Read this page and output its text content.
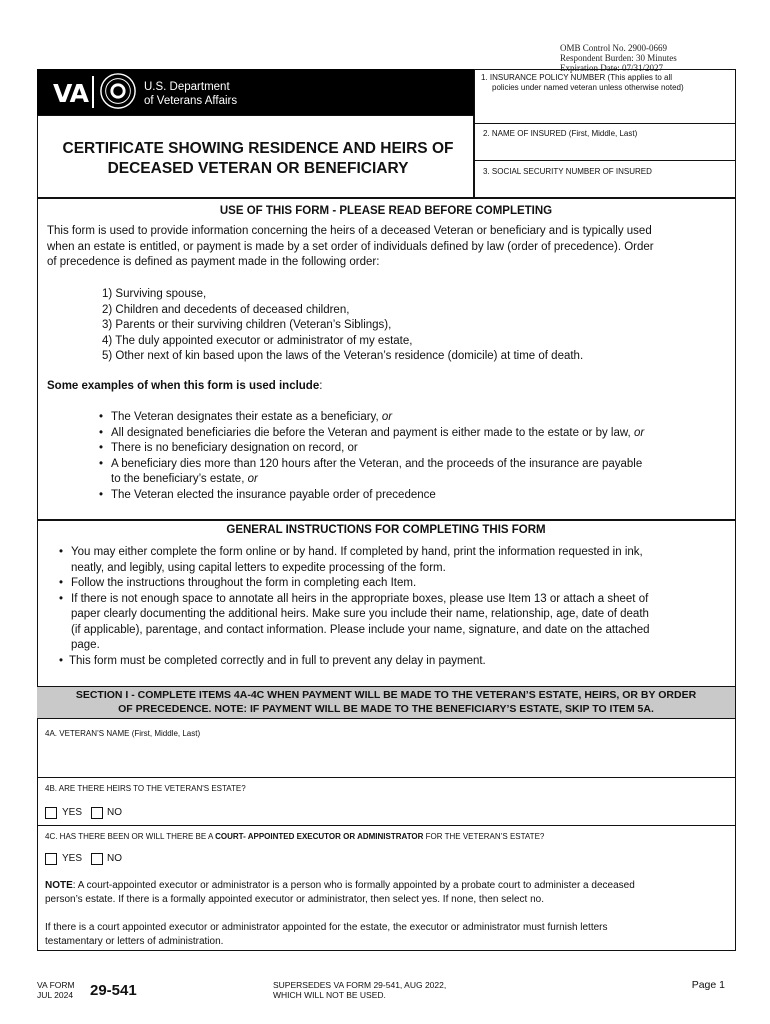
OMB Control No. 2900-0669
Respondent Burden: 30 Minutes
Expiration Date: 07/31/2027
VA	U.S. Department
of Veterans Affairs
CERTIFICATE SHOWING RESIDENCE AND HEIRS OF
DECEASED VETERAN OR BENEFICIARY
1. INSURANCE POLICY NUMBER (This applies to all
policies under named veteran unless otherwise noted)
2. NAME OF INSURED (First, Middle, Last)
3. SOCIAL SECURITY NUMBER OF INSURED
USE OF THIS FORM - PLEASE READ BEFORE COMPLETING
This form is used to provide information concerning the heirs of a deceased Veteran or beneficiary and is typically used
when an estate is entitled, or payment is made by a set order of individuals defined by law (order of precedence). Order
of precedence is defined as payment made in the following order:
1) Surviving spouse,
2) Children and decedents of deceased children,
3) Parents or their surviving children (Veteran’s Siblings),
4) The duly appointed executor or administrator of my estate,
5) Other next of kin based upon the laws of the Veteran’s residence (domicile) at time of death.
Some examples of when this form is used include:
• The Veteran designates their estate as a beneficiary, or
• All designated beneficiaries die before the Veteran and payment is either made to the estate or by law, or
• There is no beneficiary designation on record, or
• A beneficiary dies more than 120 hours after the Veteran, and the proceeds of the insurance are payable
to the beneficiary’s estate, or
• The Veteran elected the insurance payable order of precedence
GENERAL INSTRUCTIONS FOR COMPLETING THIS FORM
• You may either complete the form online or by hand. If completed by hand, print the information requested in ink,
neatly, and legibly, using capital letters to expedite processing of the form.
• Follow the instructions throughout the form in completing each Item.
• If there is not enough space to annotate all heirs in the appropriate boxes, please use Item 13 or attach a sheet of
paper clearly documenting the additional heirs. Make sure you include their name, relationship, age, date of death
(if applicable), parentage, and contact information. Please include your name, signature, and date on the attached
page.
• This form must be completed correctly and in full to prevent any delay in payment.
SECTION I - COMPLETE ITEMS 4A-4C WHEN PAYMENT WILL BE MADE TO THE VETERAN’S ESTATE, HEIRS, OR BY ORDER
OF PRECEDENCE. NOTE: IF PAYMENT WILL BE MADE TO THE BENEFICIARY’S ESTATE, SKIP TO ITEM 5A.
4A. VETERAN’S NAME (First, Middle, Last)
4B. ARE THERE HEIRS TO THE VETERAN'S ESTATE?
YES NO
4C. HAS THERE BEEN OR WILL THERE BE A COURT- APPOINTED EXECUTOR OR ADMINISTRATOR FOR THE VETERAN’S ESTATE?
YES NO
NOTE: A court-appointed executor or administrator is a person who is formally appointed by a probate court to administer a deceased
person’s estate. If there is a formally appointed executor or administrator, then select yes. If none, then select no.
If there is a court appointed executor or administrator appointed for the estate, the executor or administrator must furnish letters
testamentary or letters of administration.
VA FORM
JUL 2024 29-541	SUPERSEDES VA FORM 29-541, AUG 2022,
WHICH WILL NOT BE USED.
Page 1
